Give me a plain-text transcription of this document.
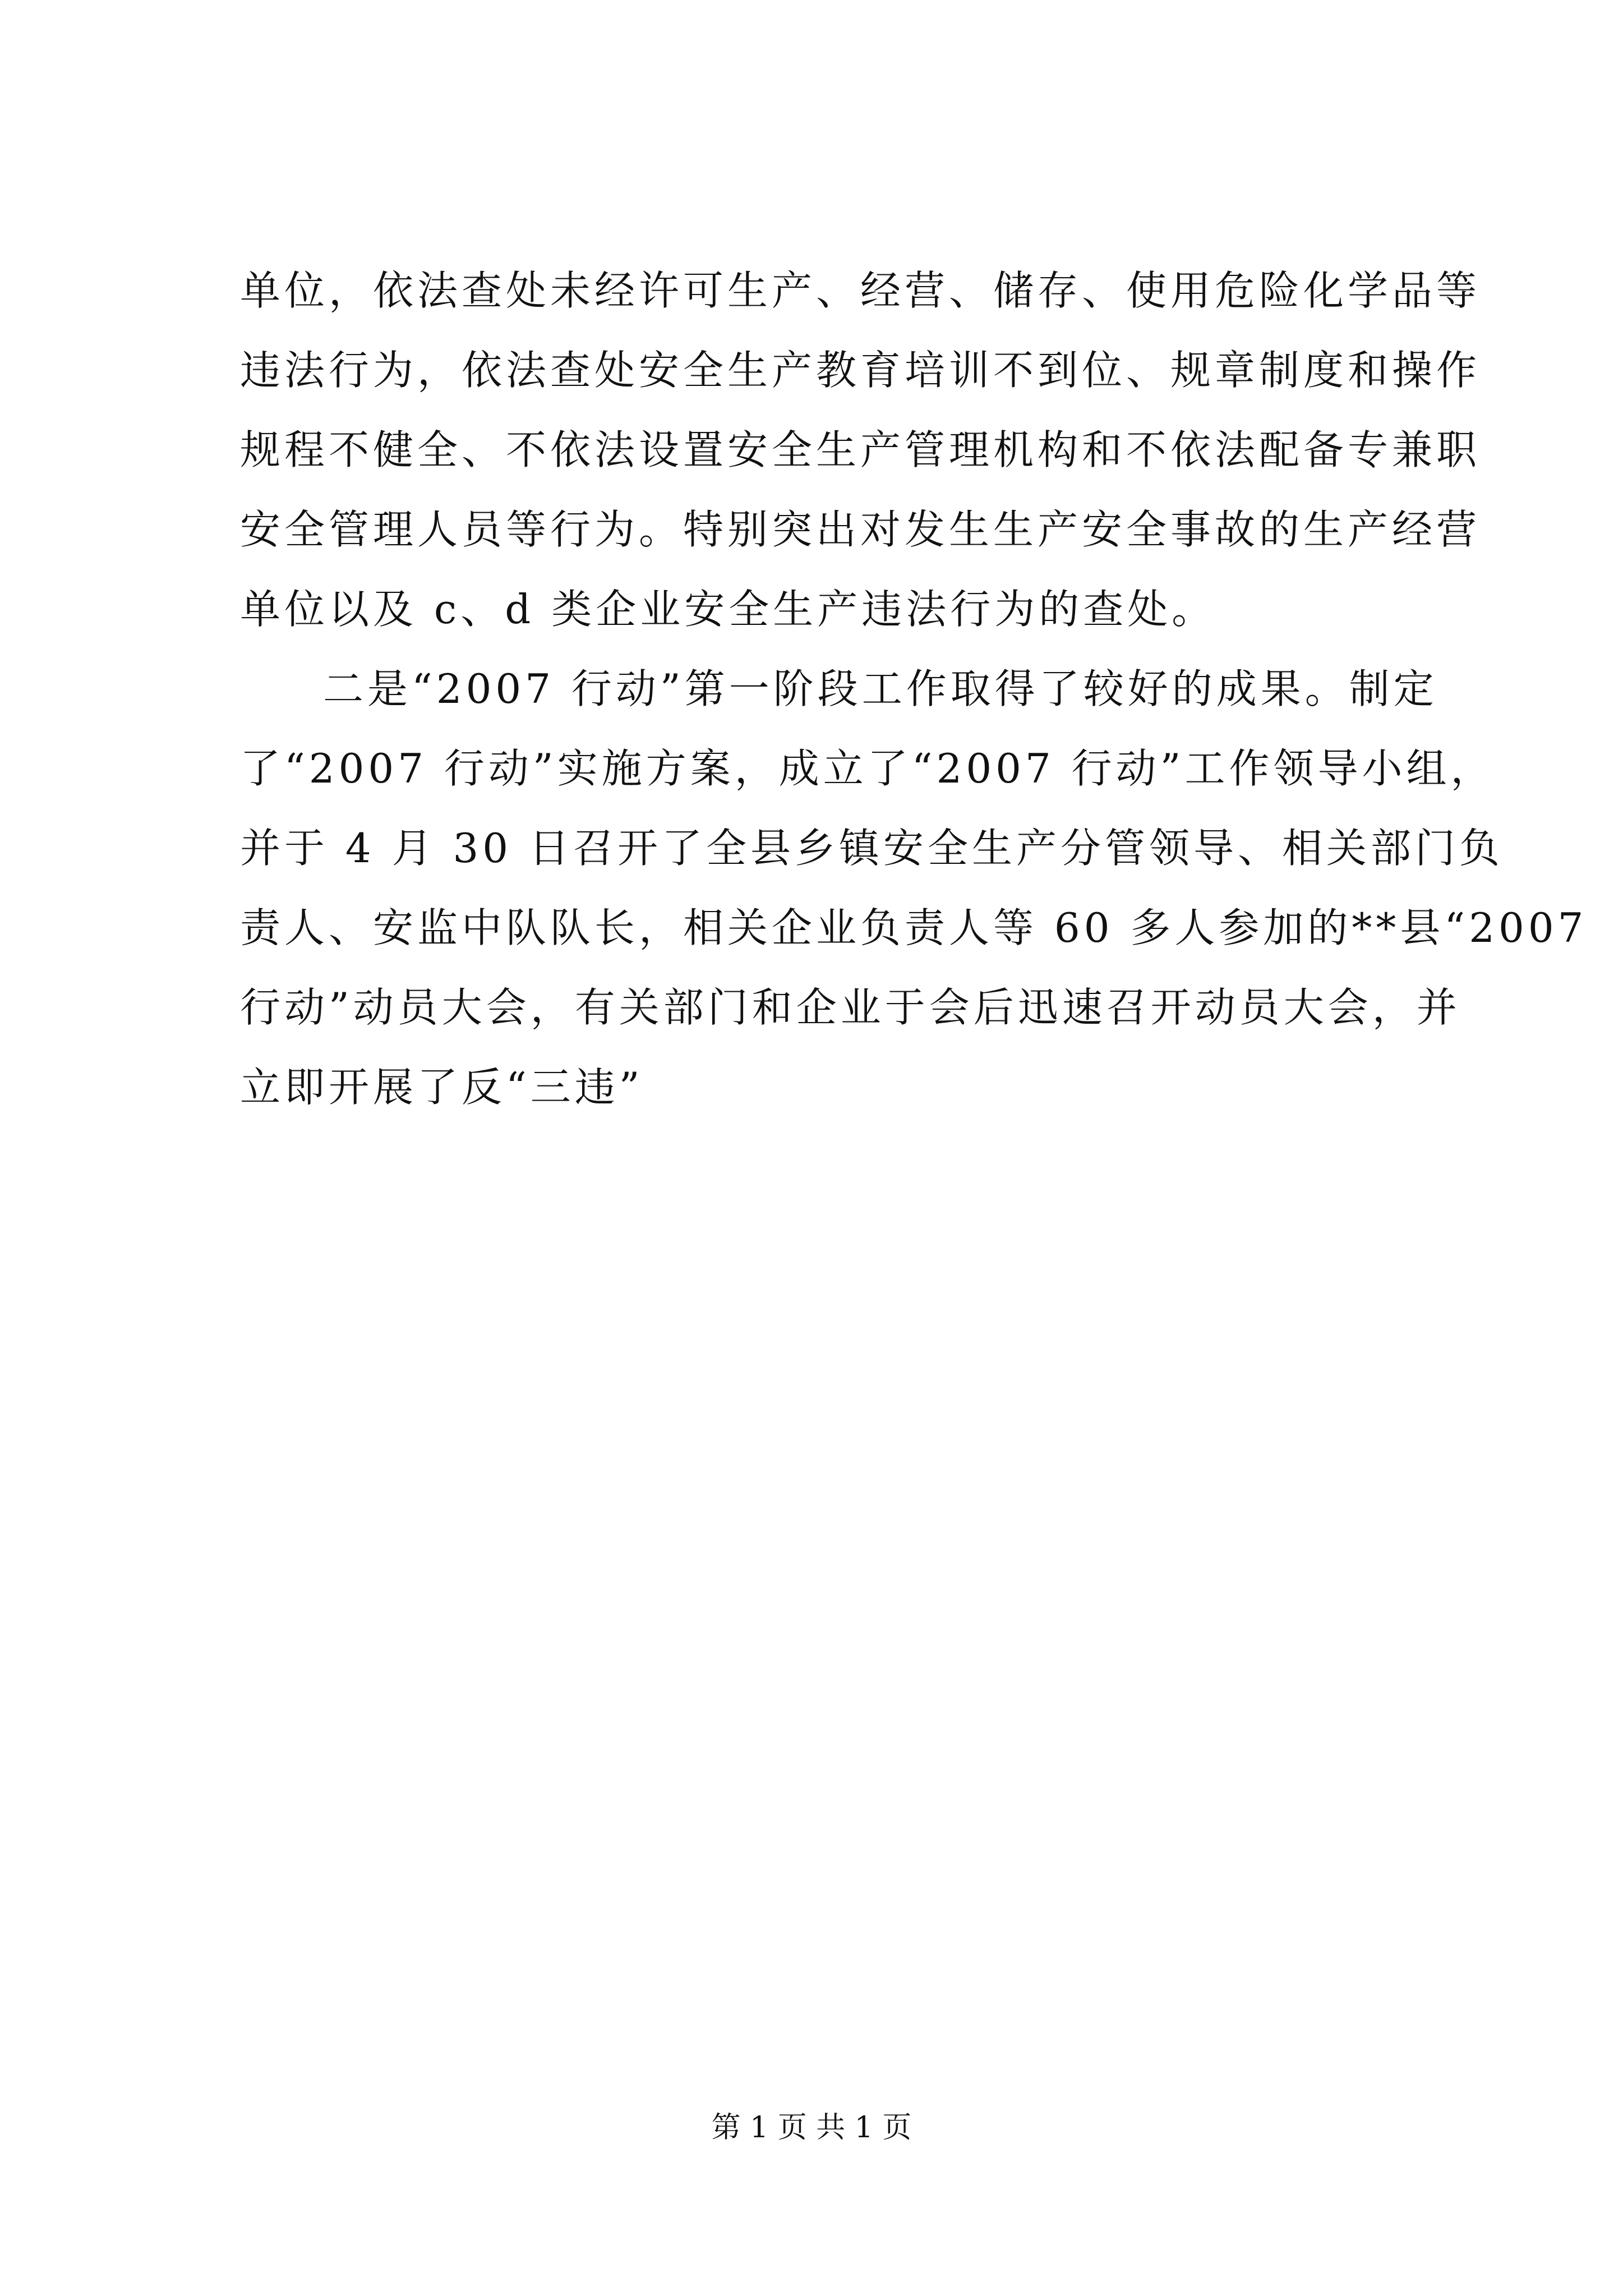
单位，依法查处未经许可生产、经营、储存、使用危险化学品等
违法行为，依法查处安全生产教育培训不到位、规章制度和操作
规程不健全、不依法设置安全生产管理机构和不依法配备专兼职
安全管理人员等行为。特别突出对发生生产安全事故的生产经营
单位以及 c、d 类企业安全生产违法行为的查处。
二是“2007 行动”第一阶段工作取得了较好的成果。制定
了“2007 行动”实施方案，成立了“2007 行动”工作领导小组，
并于 4 月 30 日召开了全县乡镇安全生产分管领导、相关部门负
责人、安监中队队长，相关企业负责人等 60 多人参加的**县“2007
行动”动员大会，有关部门和企业于会后迅速召开动员大会，并
立即开展了反“三违”
第 1 页 共 1 页
